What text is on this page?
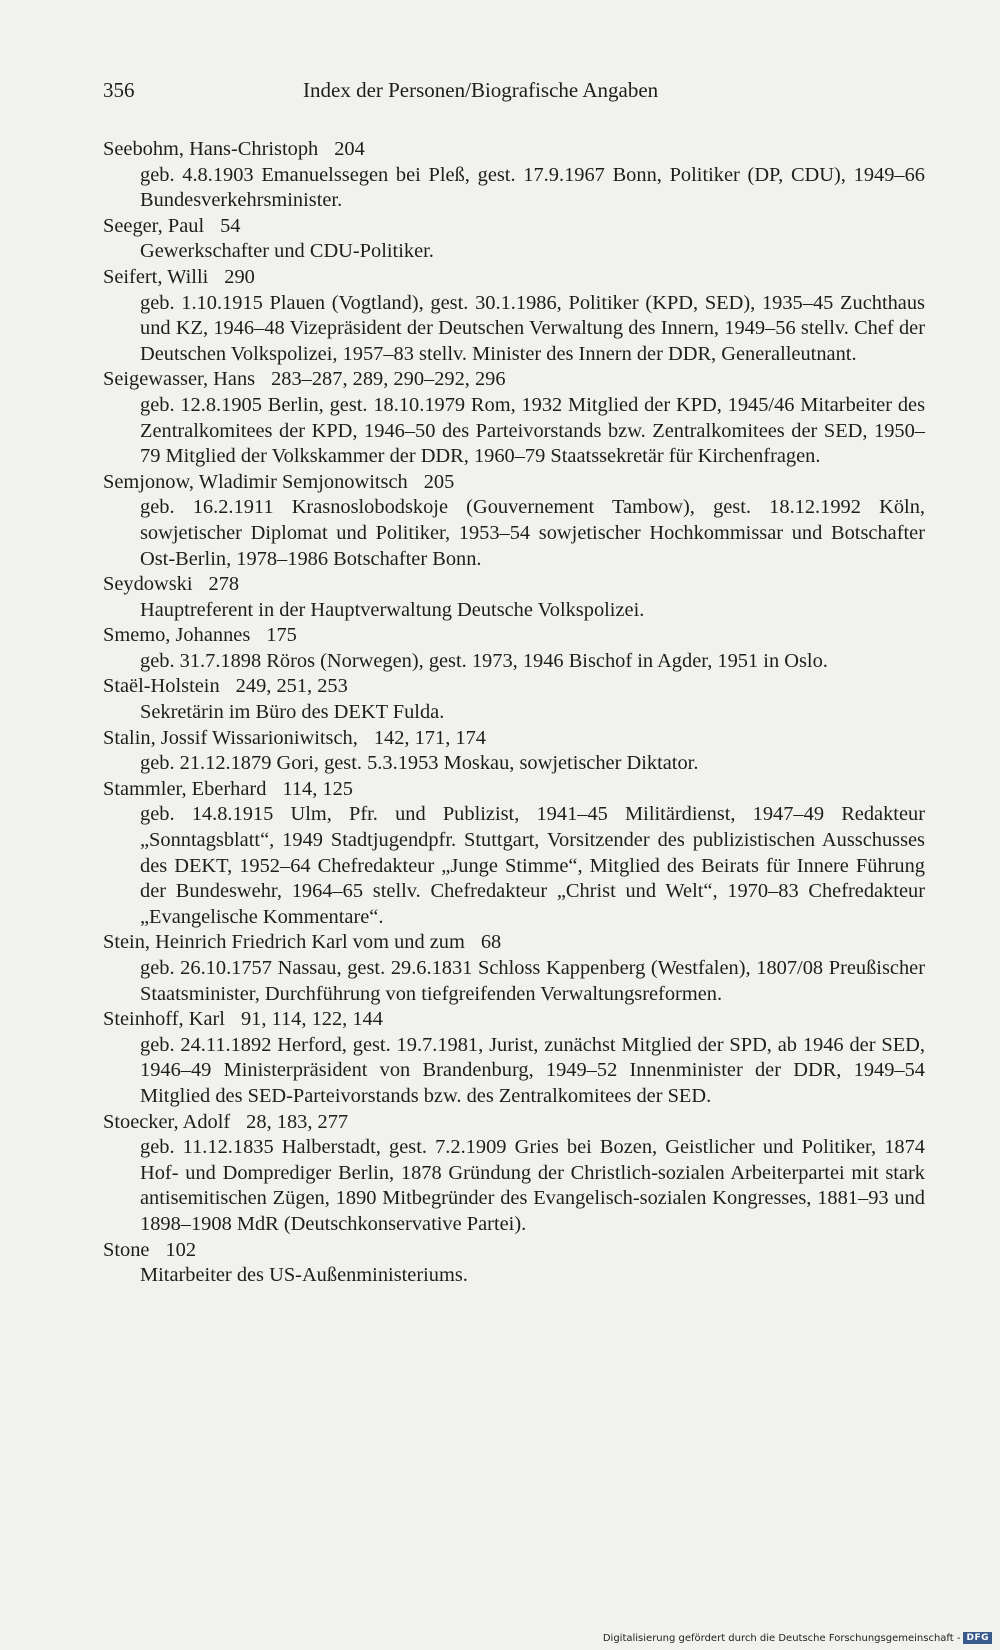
356	Index der Personen/Biografische Angaben

Seebohm, Hans-Christoph 204

geb. 4.8.1903 Emanuelssegen bei Pleß, gest. 17.9.1967 Bonn, Politiker (DP, CDU), 1949–66 Bundesverkehrsminister.

Seeger, Paul 54

Gewerkschafter und CDU-Politiker.

Seifert, Willi 290

geb. 1.10.1915 Plauen (Vogtland), gest. 30.1.1986, Politiker (KPD, SED), 1935–45 Zuchthaus und KZ, 1946–48 Vizepräsident der Deutschen Verwaltung des Innern, 1949–56 stellv. Chef der Deutschen Volkspolizei, 1957–83 stellv. Minister des Innern der DDR, Generalleutnant.

Seigewasser, Hans 283–287, 289, 290–292, 296

geb. 12.8.1905 Berlin, gest. 18.10.1979 Rom, 1932 Mitglied der KPD, 1945/46 Mitarbeiter des Zentralkomitees der KPD, 1946–50 des Parteivorstands bzw. Zentralkomitees der SED, 1950–79 Mitglied der Volkskammer der DDR, 1960–79 Staatssekretär für Kirchenfragen.

Semjonow, Wladimir Semjonowitsch 205

geb. 16.2.1911 Krasnoslobodskoje (Gouvernement Tambow), gest. 18.12.1992 Köln, sowjetischer Diplomat und Politiker, 1953–54 sowjetischer Hochkommissar und Botschafter Ost-Berlin, 1978–1986 Botschafter Bonn.

Seydowski 278

Hauptreferent in der Hauptverwaltung Deutsche Volkspolizei.

Smemo, Johannes 175

geb. 31.7.1898 Röros (Norwegen), gest. 1973, 1946 Bischof in Agder, 1951 in Oslo.

Staël-Holstein 249, 251, 253

Sekretärin im Büro des DEKT Fulda.

Stalin, Jossif Wissarioniwitsch, 142, 171, 174

geb. 21.12.1879 Gori, gest. 5.3.1953 Moskau, sowjetischer Diktator.

Stammler, Eberhard 114, 125

geb. 14.8.1915 Ulm, Pfr. und Publizist, 1941–45 Militärdienst, 1947–49 Redakteur „Sonntagsblatt“, 1949 Stadtjugendpfr. Stuttgart, Vorsitzender des publizistischen Ausschusses des DEKT, 1952–64 Chefredakteur „Junge Stimme“, Mitglied des Beirats für Innere Führung der Bundeswehr, 1964–65 stellv. Chefredakteur „Christ und Welt“, 1970–83 Chefredakteur „Evangelische Kommentare“.

Stein, Heinrich Friedrich Karl vom und zum 68

geb. 26.10.1757 Nassau, gest. 29.6.1831 Schloss Kappenberg (Westfalen), 1807/08 Preußischer Staatsminister, Durchführung von tiefgreifenden Verwaltungsreformen.

Steinhoff, Karl 91, 114, 122, 144

geb. 24.11.1892 Herford, gest. 19.7.1981, Jurist, zunächst Mitglied der SPD, ab 1946 der SED, 1946–49 Ministerpräsident von Brandenburg, 1949–52 Innenminister der DDR, 1949–54 Mitglied des SED-Parteivorstands bzw. des Zentralkomitees der SED.

Stoecker, Adolf 28, 183, 277

geb. 11.12.1835 Halberstadt, gest. 7.2.1909 Gries bei Bozen, Geistlicher und Politiker, 1874 Hof- und Domprediger Berlin, 1878 Gründung der Christlich-sozialen Arbeiterpartei mit stark antisemitischen Zügen, 1890 Mitbegründer des Evangelisch-sozialen Kongresses, 1881–93 und 1898–1908 MdR (Deutschkonservative Partei).

Stone 102

Mitarbeiter des US-Außenministeriums.

Digitalisierung gefördert durch die Deutsche Forschungsgemeinschaft - DFG
